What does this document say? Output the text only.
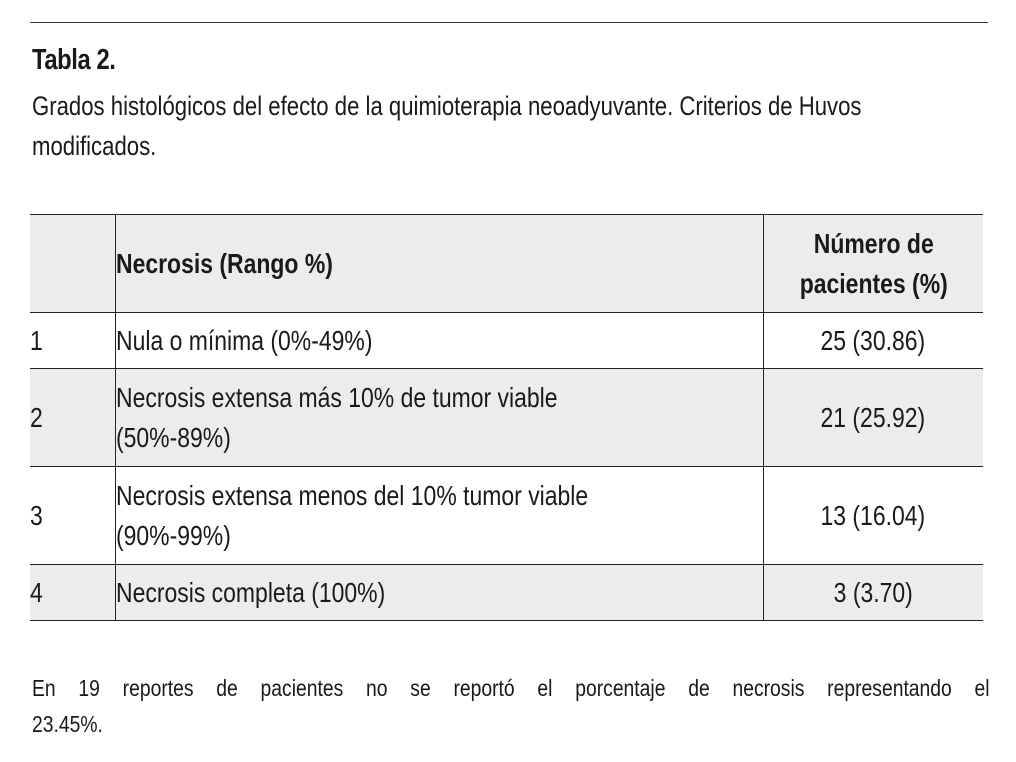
Tabla 2.
Grados histológicos del efecto de la quimioterapia neoadyuvante. Criterios de Huvos
modificados.
	Necrosis (Rango %)	Número de
pacientes (%)

1	Nula o mínima (0%-49%)	25 (30.86)
2	Necrosis extensa más 10% de tumor viable
(50%-89%)	21 (25.92)
3	Necrosis extensa menos del 10% tumor viable
(90%-99%)	13 (16.04)
4	Necrosis completa (100%)	3 (3.70)
En 19 reportes de pacientes no se reportó el porcentaje de necrosis representando el
23.45%.
